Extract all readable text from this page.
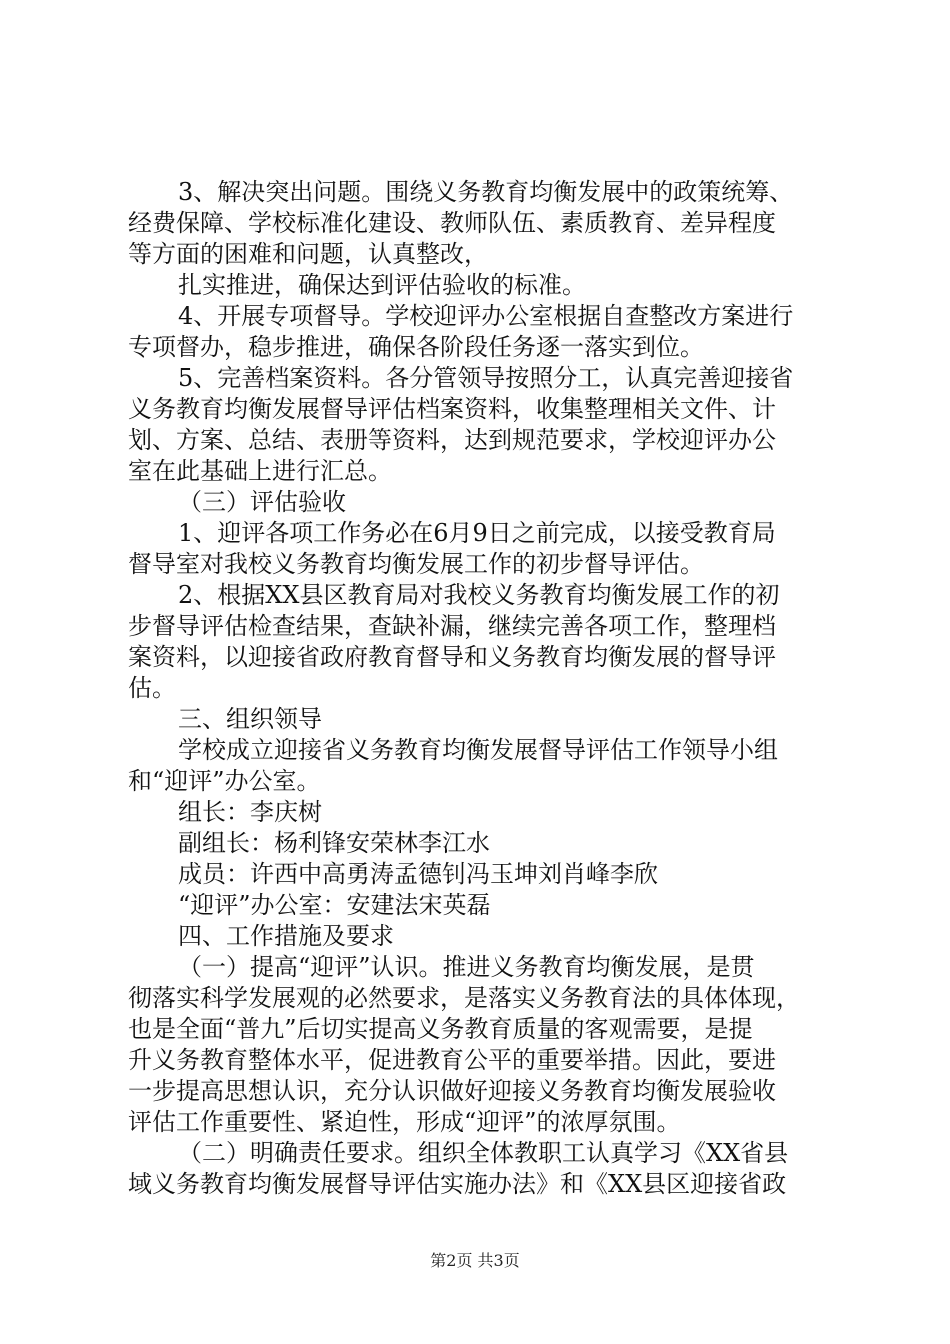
3、解决突出问题。围绕义务教育均衡发展中的政策统筹、
经费保障、学校标准化建设、教师队伍、素质教育、差异程度
等方面的困难和问题，认真整改，
扎实推进，确保达到评估验收的标准。
4、开展专项督导。学校迎评办公室根据自查整改方案进行
专项督办，稳步推进，确保各阶段任务逐一落实到位。
5、完善档案资料。各分管领导按照分工，认真完善迎接省
义务教育均衡发展督导评估档案资料，收集整理相关文件、计
划、方案、总结、表册等资料，达到规范要求，学校迎评办公
室在此基础上进行汇总。
（三）评估验收
1、迎评各项工作务必在6月9日之前完成，以接受教育局
督导室对我校义务教育均衡发展工作的初步督导评估。
2、根据XX县区教育局对我校义务教育均衡发展工作的初
步督导评估检查结果，查缺补漏，继续完善各项工作，整理档
案资料，以迎接省政府教育督导和义务教育均衡发展的督导评
估。
三、组织领导
学校成立迎接省义务教育均衡发展督导评估工作领导小组
和“迎评”办公室。
组长：李庆树
副组长：杨利锋安荣林李江水
成员：许西中高勇涛孟德钊冯玉坤刘肖峰李欣
“迎评”办公室：安建法宋英磊
四、工作措施及要求
（一）提高“迎评”认识。推进义务教育均衡发展，是贯
彻落实科学发展观的必然要求，是落实义务教育法的具体体现，
也是全面“普九”后切实提高义务教育质量的客观需要，是提
升义务教育整体水平，促进教育公平的重要举措。因此，要进
一步提高思想认识，充分认识做好迎接义务教育均衡发展验收
评估工作重要性、紧迫性，形成“迎评”的浓厚氛围。
（二）明确责任要求。组织全体教职工认真学习《XX省县
域义务教育均衡发展督导评估实施办法》和《XX县区迎接省政
第2页 共3页
